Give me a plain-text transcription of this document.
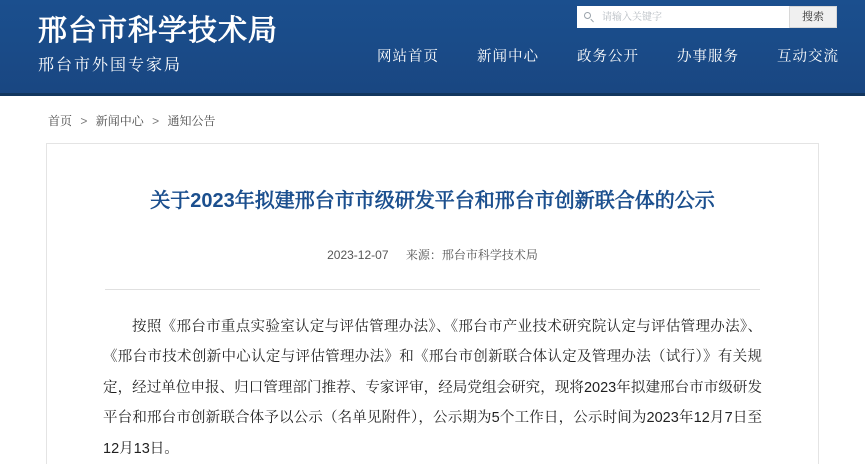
邢台市科学技术局
邢台市外国专家局
请输入关键字
搜索
网站首页	新闻中心	政务公开	办事服务	互动交流
首页 > 新闻中心 > 通知公告
关于2023年拟建邢台市市级研发平台和邢台市创新联合体的公示
2023-12-07 来源：邢台市科学技术局

按照《邢台市重点实验室认定与评估管理办法》、《邢台市产业技术研究院认定与评估管理办法》、《邢台市技术创新中心认定与评估管理办法》和《邢台市创新联合体认定及管理办法（试行）》有关规定，经过单位申报、归口管理部门推荐、专家评审，经局党组会研究，现将2023年拟建邢台市市级研发平台和邢台市创新联合体予以公示（名单见附件），公示期为5个工作日，公示时间为2023年12月7日至12月13日。
